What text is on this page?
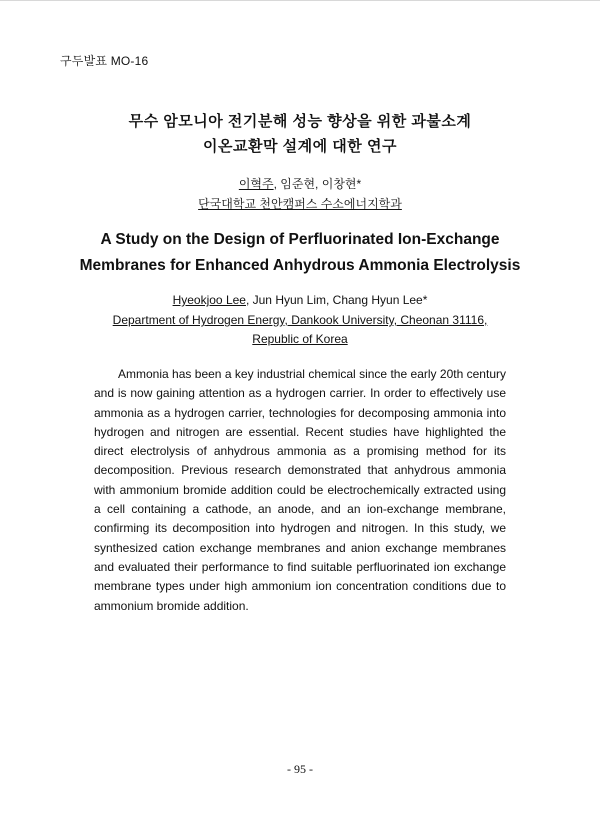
구두발표 MO-16
무수 암모니아 전기분해 성능 향상을 위한 과불소계
이온교환막 설계에 대한 연구
이혁주, 임준현, 이창현*
단국대학교 천안캠퍼스 수소에너지학과
A Study on the Design of Perfluorinated Ion-Exchange
Membranes for Enhanced Anhydrous Ammonia Electrolysis
Hyeokjoo Lee, Jun Hyun Lim, Chang Hyun Lee*
Department of Hydrogen Energy, Dankook University, Cheonan 31116,
Republic of Korea

Ammonia has been a key industrial chemical since the early 20th century and is now gaining attention as a hydrogen carrier. In order to effectively use ammonia as a hydrogen carrier, technologies for decomposing ammonia into hydrogen and nitrogen are essential. Recent studies have highlighted the direct electrolysis of anhydrous ammonia as a promising method for its decomposition. Previous research demonstrated that anhydrous ammonia with ammonium bromide addition could be electrochemically extracted using a cell containing a cathode, an anode, and an ion-exchange membrane, confirming its decomposition into hydrogen and nitrogen. In this study, we synthesized cation exchange membranes and anion exchange membranes and evaluated their performance to find suitable perfluorinated ion exchange membrane types under high ammonium ion concentration conditions due to ammonium bromide addition.

- 95 -
